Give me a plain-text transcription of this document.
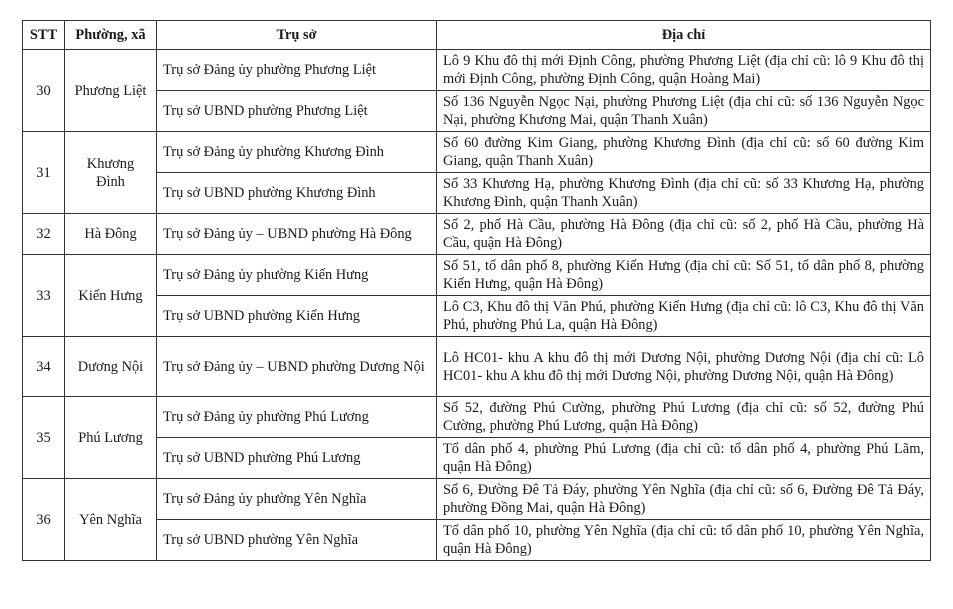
STT	Phường, xã	Trụ sở	Địa chỉ
30	Phương Liệt	Trụ sở Đảng ủy phường Phương Liệt	Lô 9 Khu đô thị mới Định Công, phường Phương Liệt (địa chỉ cũ: lô 9 Khu đô thị mới Định Công, phường Định Công, quận Hoàng Mai)
		Trụ sở UBND phường Phương Liệt	Số 136 Nguyễn Ngọc Nại, phường Phương Liệt (địa chỉ cũ: số 136 Nguyễn Ngọc Nại, phường Khương Mai, quận Thanh Xuân)
31	Khương Đình	Trụ sở Đảng ủy phường Khương Đình	Số 60 đường Kim Giang, phường Khương Đình (địa chỉ cũ: số 60 đường Kim Giang, quận Thanh Xuân)
		Trụ sở UBND phường Khương Đình	Số 33 Khương Hạ, phường Khương Đình (địa chỉ cũ: số 33 Khương Hạ, phường Khương Đình, quận Thanh Xuân)
32	Hà Đông	Trụ sở Đảng ủy – UBND phường Hà Đông	Số 2, phố Hà Cầu, phường Hà Đông (địa chỉ cũ: số 2, phố Hà Cầu, phường Hà Cầu, quận Hà Đông)
33	Kiến Hưng	Trụ sở Đảng ủy phường Kiến Hưng	Số 51, tổ dân phố 8, phường Kiến Hưng (địa chỉ cũ: Số 51, tổ dân phố 8, phường Kiến Hưng, quận Hà Đông)
		Trụ sở UBND phường Kiến Hưng	Lô C3, Khu đô thị Văn Phú, phường Kiến Hưng (địa chỉ cũ: lô C3, Khu đô thị Văn Phú, phường Phú La, quận Hà Đông)
34	Dương Nội	Trụ sở Đảng ủy – UBND phường Dương Nội	Lô HC01- khu A khu đô thị mới Dương Nội, phường Dương Nội (địa chỉ cũ: Lô HC01- khu A khu đô thị mới Dương Nội, phường Dương Nội, quận Hà Đông)
35	Phú Lương	Trụ sở Đảng ủy phường Phú Lương	Số 52, đường Phú Cường, phường Phú Lương (địa chỉ cũ: số 52, đường Phú Cường, phường Phú Lương, quận Hà Đông)
		Trụ sở UBND phường Phú Lương	Tổ dân phố 4, phường Phú Lương (địa chỉ cũ: tổ dân phố 4, phường Phú Lãm, quận Hà Đông)
36	Yên Nghĩa	Trụ sở Đảng ủy phường Yên Nghĩa	Số 6, Đường Đê Tả Đáy, phường Yên Nghĩa (địa chỉ cũ: số 6, Đường Đê Tả Đáy, phường Đồng Mai, quận Hà Đông)
		Trụ sở UBND phường Yên Nghĩa	Tổ dân phố 10, phường Yên Nghĩa (địa chỉ cũ: tổ dân phố 10, phường Yên Nghĩa, quận Hà Đông)
